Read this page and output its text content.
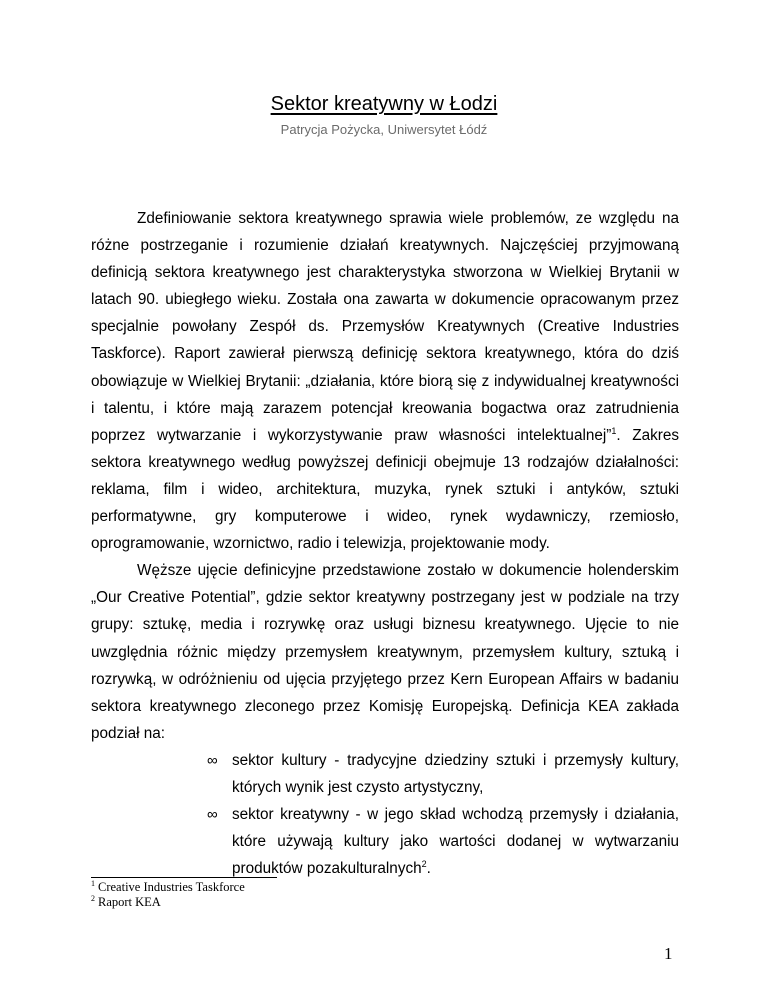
Sektor kreatywny w Łodzi
Patrycja Pożycka, Uniwersytet Łódź

Zdefiniowanie sektora kreatywnego sprawia wiele problemów, ze względu na różne postrzeganie i rozumienie działań kreatywnych. Najczęściej przyjmowaną definicją sektora kreatywnego jest charakterystyka stworzona w Wielkiej Brytanii w latach 90. ubiegłego wieku. Została ona zawarta w dokumencie opracowanym przez specjalnie powołany Zespół ds. Przemysłów Kreatywnych (Creative Industries Taskforce). Raport zawierał pierwszą definicję sektora kreatywnego, która do dziś obowiązuje w Wielkiej Brytanii: „działania, które biorą się z indywidualnej kreatywności i talentu, i które mają zarazem potencjał kreowania bogactwa oraz zatrudnienia poprzez wytwarzanie i wykorzystywanie praw własności intelektualnej”$^1$. Zakres sektora kreatywnego według powyższej definicji obejmuje 13 rodzajów działalności: reklama, film i wideo, architektura, muzyka, rynek sztuki i antyków, sztuki performatywne, gry komputerowe i wideo, rynek wydawniczy, rzemiosło, oprogramowanie, wzornictwo, radio i telewizja, projektowanie mody.

Węższe ujęcie definicyjne przedstawione zostało w dokumencie holenderskim „Our Creative Potential”, gdzie sektor kreatywny postrzegany jest w podziale na trzy grupy: sztukę, media i rozrywkę oraz usługi biznesu kreatywnego. Ujęcie to nie uwzględnia różnic między przemysłem kreatywnym, przemysłem kultury, sztuką i rozrywką, w odróżnieniu od ujęcia przyjętego przez Kern European Affairs w badaniu sektora kreatywnego zleconego przez Komisję Europejską. Definicja KEA zakłada podział na:

∞ sektor kultury - tradycyjne dziedziny sztuki i przemysły kultury, których wynik jest czysto artystyczny,
∞ sektor kreatywny - w jego skład wchodzą przemysły i działania, które używają kultury jako wartości dodanej w wytwarzaniu produktów pozakulturalnych$^2$.
$^1$ Creative Industries Taskforce
$^2$ Raport KEA
1
